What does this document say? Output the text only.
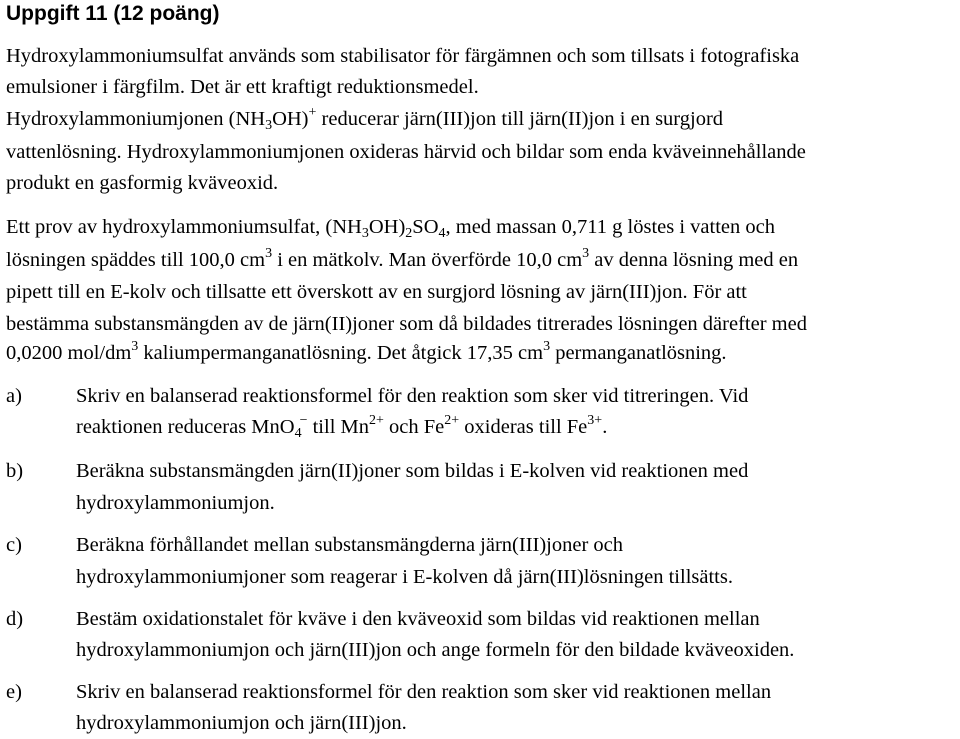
Uppgift 11 (12 poäng)
Hydroxylammoniumsulfat används som stabilisator för färgämnen och som tillsats i fotografiska
emulsioner i färgfilm. Det är ett kraftigt reduktionsmedel.
Hydroxylammoniumjonen $(NH_3OH)^+$ reducerar järn(III)jon till järn(II)jon i en surgjord
vattenlösning. Hydroxylammoniumjonen oxideras härvid och bildar som enda kväveinnehållande
produkt en gasformig kväveoxid.
Ett prov av hydroxylammoniumsulfat, $(NH_3OH)_2SO_4$, med massan 0,711 g löstes i vatten och
lösningen späddes till 100,0 $cm^3$ i en mätkolv. Man överförde 10,0 $cm^3$ av denna lösning med en
pipett till en E-kolv och tillsatte ett överskott av en surgjord lösning av järn(III)jon. För att
bestämma substansmängden av de järn(II)joner som då bildades titrerades lösningen därefter med
0,0200 mol/$dm^3$ kaliumpermanganatlösning. Det åtgick 17,35 $cm^3$ permanganatlösning.
a)	Skriv en balanserad reaktionsformel för den reaktion som sker vid titreringen. Vid
reaktionen reduceras MnO$_4$− till $Mn^{2+}$ och $Fe^{2+}$ oxideras till $Fe^{3+}$.
b)	Beräkna substansmängden järn(II)joner som bildas i E-kolven vid reaktionen med
hydroxylammoniumjon.
c)	Beräkna förhållandet mellan substansmängderna järn(III)joner och
hydroxylammoniumjoner som reagerar i E-kolven då järn(III)lösningen tillsätts.
d)	Bestäm oxidationstalet för kväve i den kväveoxid som bildas vid reaktionen mellan
hydroxylammoniumjon och järn(III)jon och ange formeln för den bildade kväveoxiden.
e)	Skriv en balanserad reaktionsformel för den reaktion som sker vid reaktionen mellan
hydroxylammoniumjon och järn(III)jon.
